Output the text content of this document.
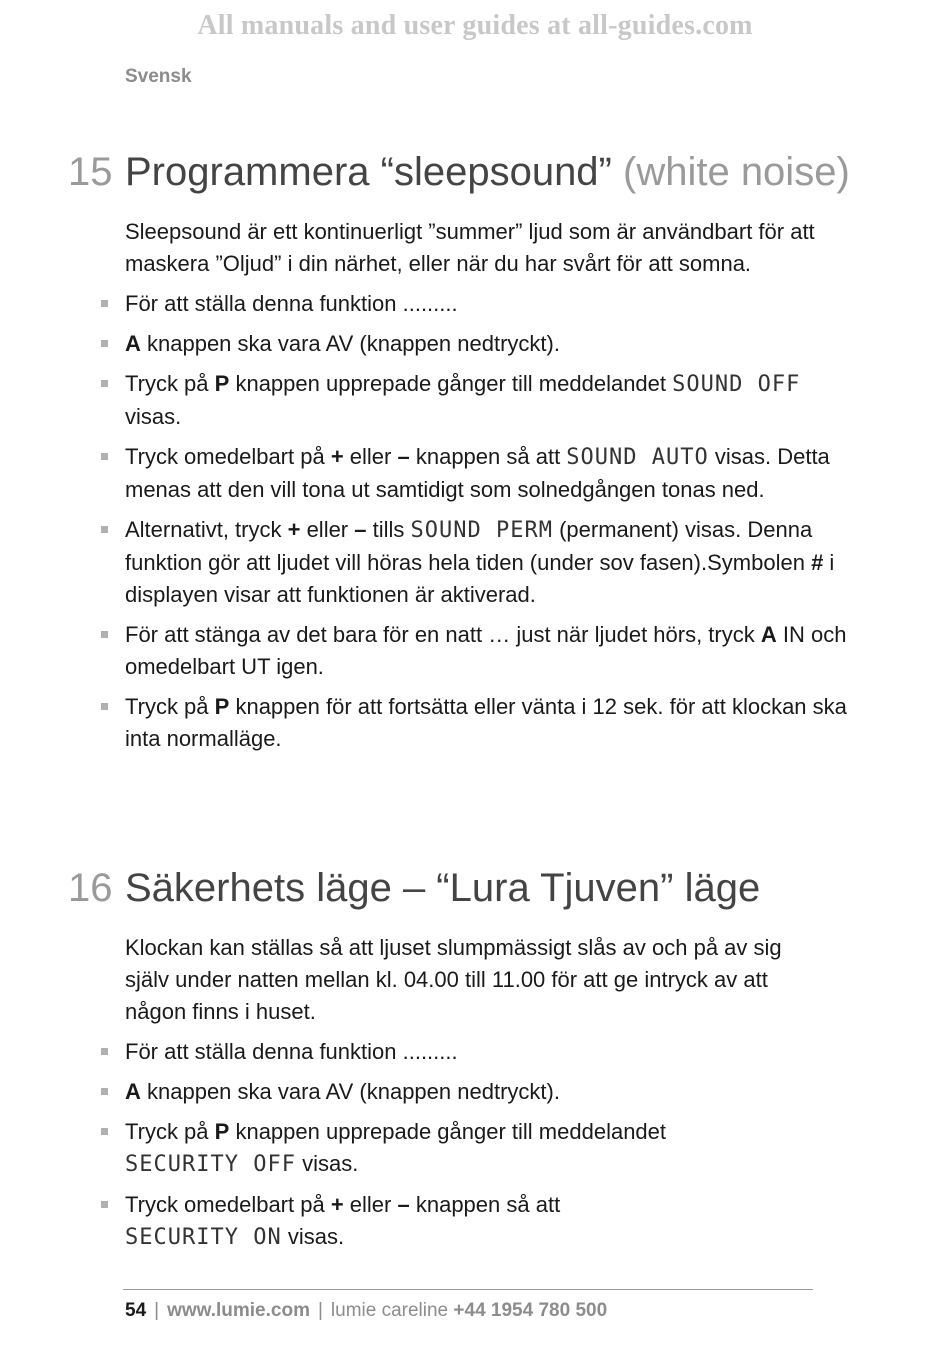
All manuals and user guides at all-guides.com
Svensk
15 Programmera “sleepsound” (white noise)
Sleepsound är ett kontinuerligt ”summer” ljud som är användbart för att maskera ”Oljud” i din närhet, eller när du har svårt för att somna.
För att ställa denna funktion .........
A knappen ska vara AV (knappen nedtryckt).
Tryck på P knappen upprepade gånger till meddelandet SOUND OFF visas.
Tryck omedelbart på + eller – knappen så att SOUND AUTO visas. Detta menas att den vill tona ut samtidigt som solnedgången tonas ned.
Alternativt, tryck + eller – tills SOUND PERM (permanent) visas. Denna funktion gör att ljudet vill höras hela tiden (under sov fasen).Symbolen # i displayen visar att funktionen är aktiverad.
För att stänga av det bara för en natt … just när ljudet hörs, tryck A IN och omedelbart UT igen.
Tryck på P knappen för att fortsätta eller vänta i 12 sek. för att klockan ska inta normalläge.
16 Säkerhets läge – “Lura Tjuven” läge
Klockan kan ställas så att ljuset slumpmässigt slås av och på av sig själv under natten mellan kl. 04.00 till 11.00 för att ge intryck av att någon finns i huset.
För att ställa denna funktion .........
A knappen ska vara AV (knappen nedtryckt).
Tryck på P knappen upprepade gånger till meddelandet
SECURITY OFF visas.
Tryck omedelbart på + eller – knappen så att
SECURITY ON visas.
54 | www.lumie.com | lumie careline +44 1954 780 500
